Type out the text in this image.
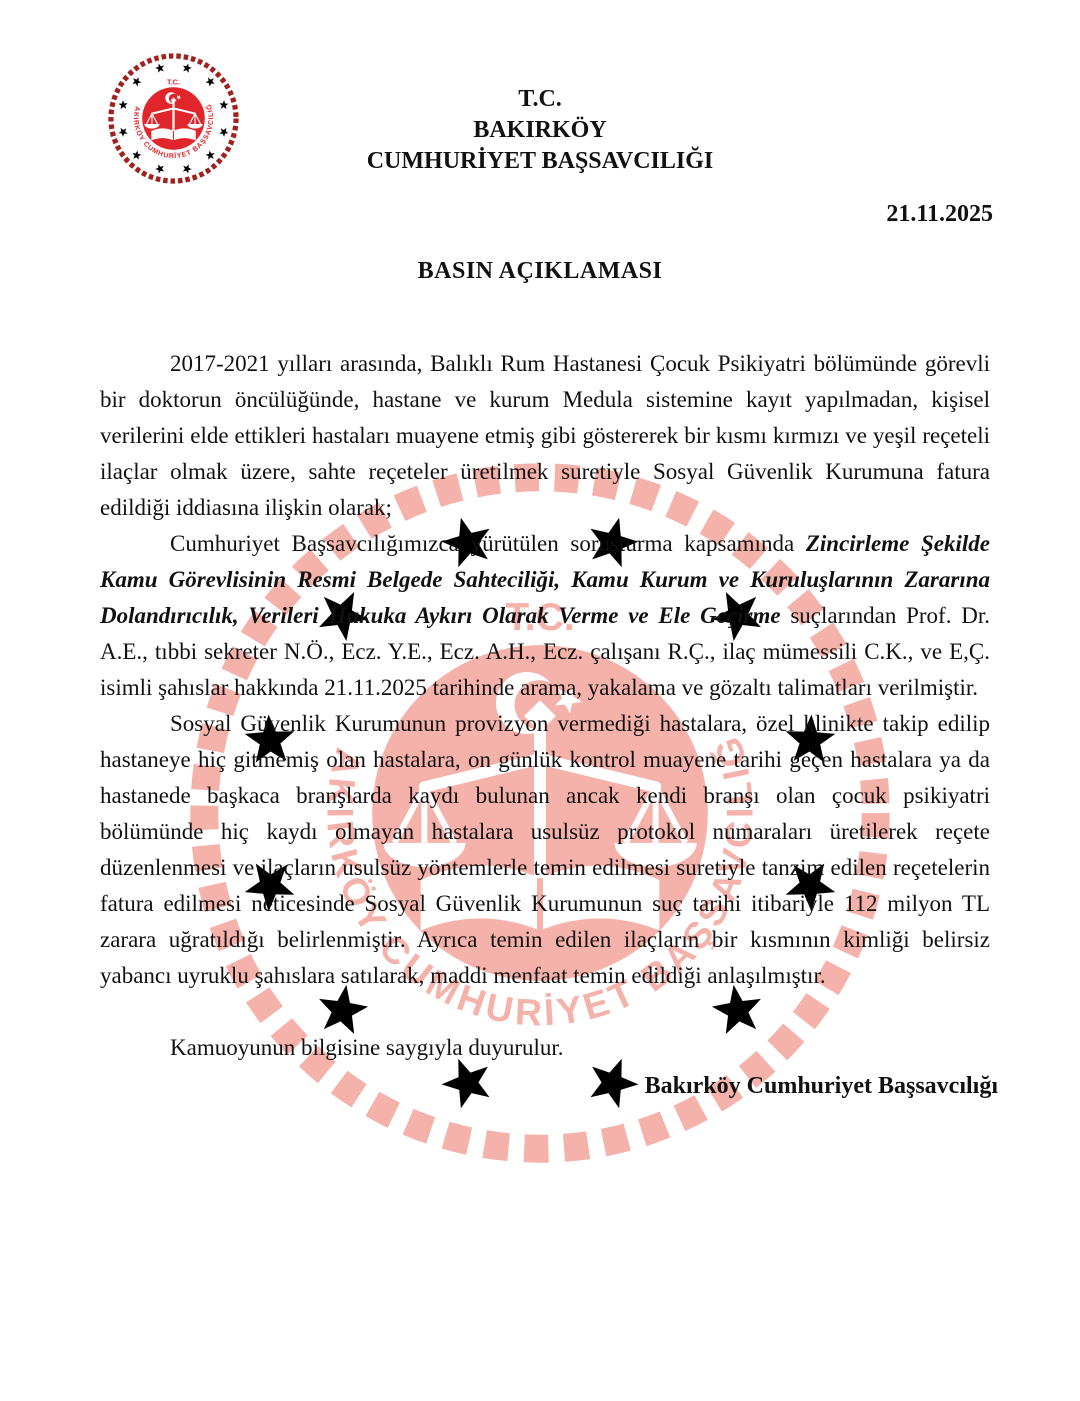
T.C.
BAKIRKÖY
CUMHURİYET BAŞSAVCILIĞI
21.11.2025
BASIN AÇIKLAMASI

2017-2021 yılları arasında, Balıklı Rum Hastanesi Çocuk Psikiyatri bölümünde görevli bir doktorun öncülüğünde, hastane ve kurum Medula sistemine kayıt yapılmadan, kişisel verilerini elde ettikleri hastaları muayene etmiş gibi göstererek bir kısmı kırmızı ve yeşil reçeteli ilaçlar olmak üzere, sahte reçeteler üretilmek suretiyle Sosyal Güvenlik Kurumuna fatura edildiği iddiasına ilişkin olarak;

Cumhuriyet Başsavcılığımızca yürütülen soruşturma kapsamında Zincirleme Şekilde Kamu Görevlisinin Resmi Belgede Sahteciliği, Kamu Kurum ve Kuruluşlarının Zararına Dolandırıcılık, Verileri Hukuka Aykırı Olarak Verme ve Ele Geçirme suçlarından Prof. Dr. A.E., tıbbi sekreter N.Ö., Ecz. Y.E., Ecz. A.H., Ecz. çalışanı R.Ç., ilaç mümessili C.K., ve E,Ç. isimli şahıslar hakkında 21.11.2025 tarihinde arama, yakalama ve gözaltı talimatları verilmiştir.

Sosyal Güvenlik Kurumunun provizyon vermediği hastalara, özel klinikte takip edilip hastaneye hiç gitmemiş olan hastalara, on günlük kontrol muayene tarihi geçen hastalara ya da hastanede başkaca branşlarda kaydı bulunan ancak kendi branşı olan çocuk psikiyatri bölümünde hiç kaydı olmayan hastalara usulsüz protokol numaraları üretilerek reçete düzenlenmesi ve ilaçların usulsüz yöntemlerle temin edilmesi suretiyle tanzim edilen reçetelerin fatura edilmesi neticesinde Sosyal Güvenlik Kurumunun suç tarihi itibariyle 112 milyon TL zarara uğratıldığı belirlenmiştir. Ayrıca temin edilen ilaçların bir kısmının kimliği belirsiz yabancı uyruklu şahıslara satılarak, maddi menfaat temin edildiği anlaşılmıştır.

Kamuoyunun bilgisine saygıyla duyurulur.

Bakırköy Cumhuriyet Başsavcılığı
